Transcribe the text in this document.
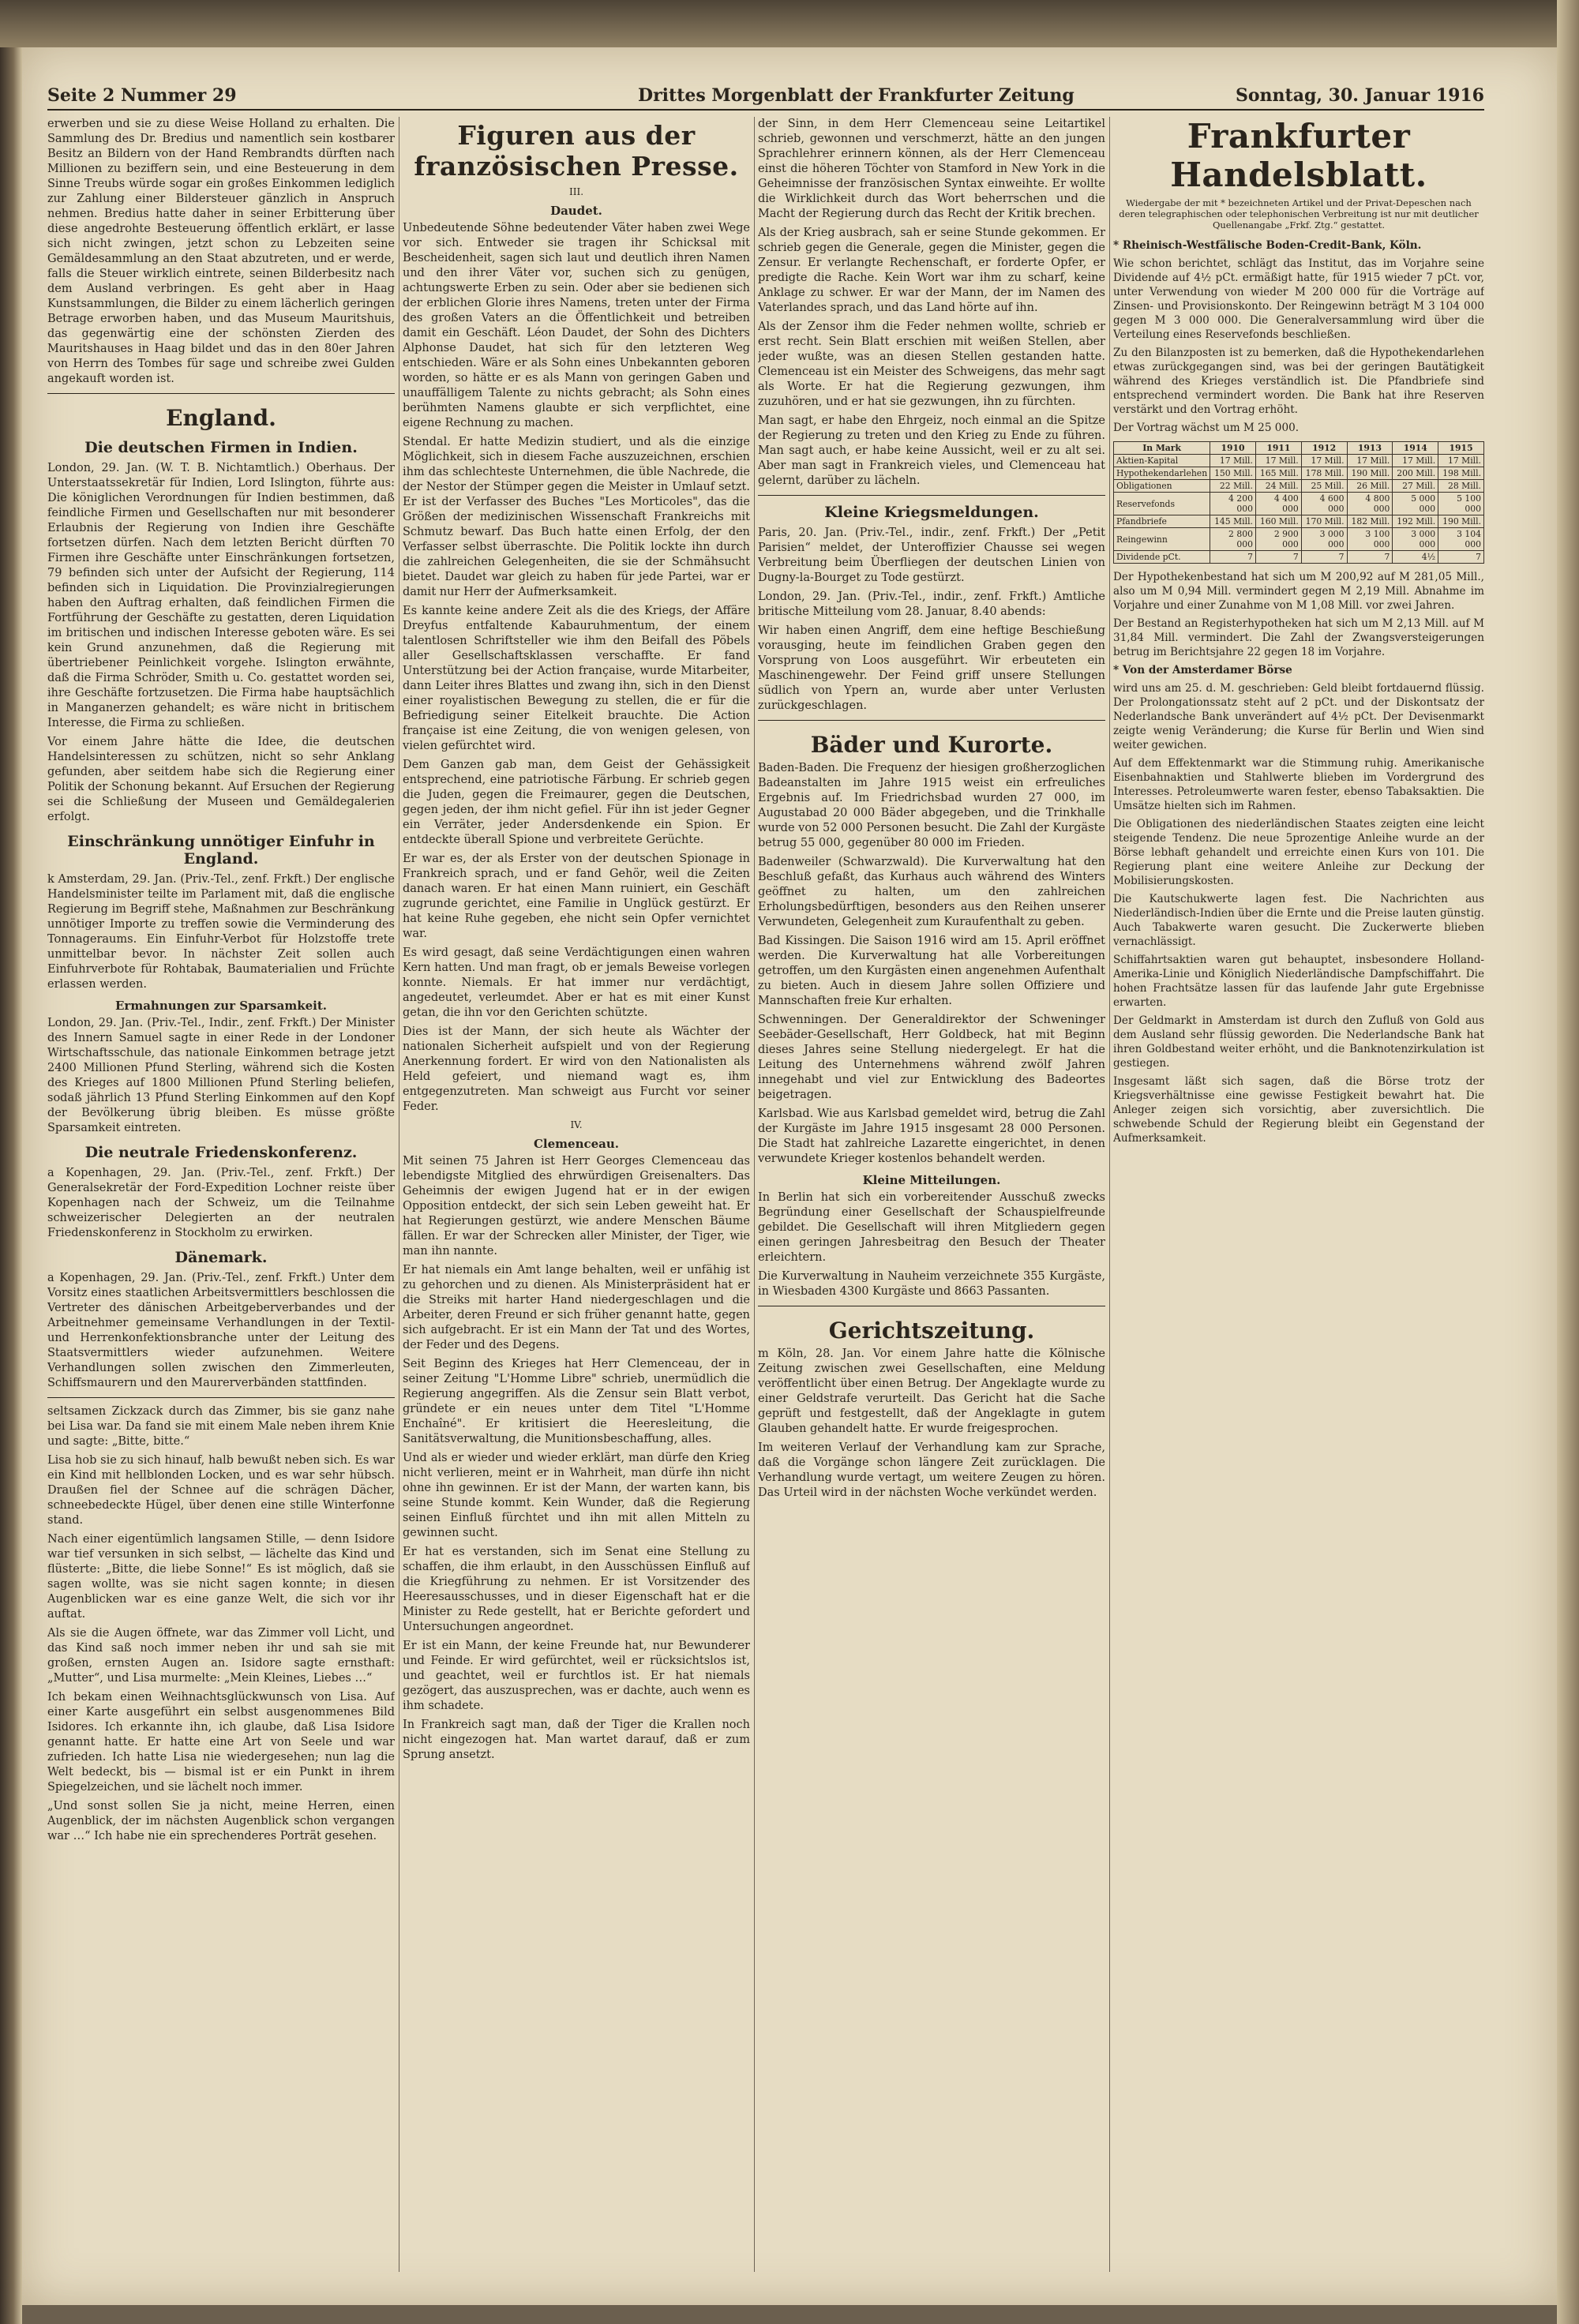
Seite 2 Nummer 29	Drittes Morgenblatt der Frankfurter Zeitung	Sonntag, 30. Januar 1916

erwerben und sie zu diese Weise Holland zu erhalten. Die Sammlung des Dr. Bredius und namentlich sein kostbarer Besitz an Bildern von der Hand Rembrandts dürften nach Millionen zu beziffern sein, und eine Besteuerung in dem Sinne Treubs würde sogar ein großes Einkommen lediglich zur Zahlung einer Bildersteuer gänzlich in Anspruch nehmen. Bredius hatte daher in seiner Erbitterung über diese angedrohte Besteuerung öffentlich erklärt, er lasse sich nicht zwingen, jetzt schon zu Lebzeiten seine Gemäldesammlung an den Staat abzutreten, und er werde, falls die Steuer wirklich eintrete, seinen Bilderbesitz nach dem Ausland verbringen. Es geht aber in Haag Kunstsammlungen, die Bilder zu einem lächerlich geringen Betrage erworben haben, und das Museum Mauritshuis, das gegenwärtig eine der schönsten Zierden des Mauritshauses in Haag bildet und das in den 80er Jahren von Herrn des Tombes für sage und schreibe zwei Gulden angekauft worden ist.

England.
Die deutschen Firmen in Indien.

London, 29. Jan. (W. T. B. Nichtamtlich.) Oberhaus. Der Unterstaatssekretär für Indien, Lord Islington, führte aus: Die königlichen Verordnungen für Indien bestimmen, daß feindliche Firmen und Gesellschaften nur mit besonderer Erlaubnis der Regierung von Indien ihre Geschäfte fortsetzen dürfen. Nach dem letzten Bericht dürften 70 Firmen ihre Geschäfte unter Einschränkungen fortsetzen, 79 befinden sich unter der Aufsicht der Regierung, 114 befinden sich in Liquidation. Die Provinzialregierungen haben den Auftrag erhalten, daß feindlichen Firmen die Fortführung der Geschäfte zu gestatten, deren Liquidation im britischen und indischen Interesse geboten wäre. Es sei kein Grund anzunehmen, daß die Regierung mit übertriebener Peinlichkeit vorgehe. Islington erwähnte, daß die Firma Schröder, Smith u. Co. gestattet worden sei, ihre Geschäfte fortzusetzen. Die Firma habe hauptsächlich in Manganerzen gehandelt; es wäre nicht in britischem Interesse, die Firma zu schließen.

Vor einem Jahre hätte die Idee, die deutschen Handelsinteressen zu schützen, nicht so sehr Anklang gefunden, aber seitdem habe sich die Regierung einer Politik der Schonung bekannt. Auf Ersuchen der Regierung sei die Schließung der Museen und Gemäldegalerien erfolgt.

Einschränkung unnötiger Einfuhr in England.

k Amsterdam, 29. Jan. (Priv.-Tel., zenf. Frkft.) Der englische Handelsminister teilte im Parlament mit, daß die englische Regierung im Begriff stehe, Maßnahmen zur Beschränkung unnötiger Importe zu treffen sowie die Verminderung des Tonnageraums. Ein Einfuhr-Verbot für Holzstoffe trete unmittelbar bevor. In nächster Zeit sollen auch Einfuhrverbote für Rohtabak, Baumaterialien und Früchte erlassen werden.

Ermahnungen zur Sparsamkeit.

London, 29. Jan. (Priv.-Tel., Indir., zenf. Frkft.) Der Minister des Innern Samuel sagte in einer Rede in der Londoner Wirtschaftsschule, das nationale Einkommen betrage jetzt 2400 Millionen Pfund Sterling, während sich die Kosten des Krieges auf 1800 Millionen Pfund Sterling beliefen, sodaß jährlich 13 Pfund Sterling Einkommen auf den Kopf der Bevölkerung übrig bleiben. Es müsse größte Sparsamkeit eintreten.

Die neutrale Friedenskonferenz.

a Kopenhagen, 29. Jan. (Priv.-Tel., zenf. Frkft.) Der Generalsekretär der Ford-Expedition Lochner reiste über Kopenhagen nach der Schweiz, um die Teilnahme schweizerischer Delegierten an der neutralen Friedenskonferenz in Stockholm zu erwirken.

Dänemark.

a Kopenhagen, 29. Jan. (Priv.-Tel., zenf. Frkft.) Unter dem Vorsitz eines staatlichen Arbeitsvermittlers beschlossen die Vertreter des dänischen Arbeitgeberverbandes und der Arbeitnehmer gemeinsame Verhandlungen in der Textil- und Herrenkonfektionsbranche unter der Leitung des Staatsvermittlers wieder aufzunehmen. Weitere Verhandlungen sollen zwischen den Zimmerleuten, Schiffsmaurern und den Maurerverbänden stattfinden.

seltsamen Zickzack durch das Zimmer, bis sie ganz nahe bei Lisa war. Da fand sie mit einem Male neben ihrem Knie und sagte: „Bitte, bitte.“

Lisa hob sie zu sich hinauf, halb bewußt neben sich. Es war ein Kind mit hellblonden Locken, und es war sehr hübsch. Draußen fiel der Schnee auf die schrägen Dächer, schneebedeckte Hügel, über denen eine stille Winterfonne stand.

Nach einer eigentümlich langsamen Stille, — denn Isidore war tief versunken in sich selbst, — lächelte das Kind und flüsterte: „Bitte, die liebe Sonne!“ Es ist möglich, daß sie sagen wollte, was sie nicht sagen konnte; in diesen Augenblicken war es eine ganze Welt, die sich vor ihr auftat.

Als sie die Augen öffnete, war das Zimmer voll Licht, und das Kind saß noch immer neben ihr und sah sie mit großen, ernsten Augen an. Isidore sagte ernsthaft: „Mutter“, und Lisa murmelte: „Mein Kleines, Liebes …“

Ich bekam einen Weihnachtsglückwunsch von Lisa. Auf einer Karte ausgeführt ein selbst ausgenommenes Bild Isidores. Ich erkannte ihn, ich glaube, daß Lisa Isidore genannt hatte. Er hatte eine Art von Seele und war zufrieden. Ich hatte Lisa nie wiedergesehen; nun lag die Welt bedeckt, bis — bismal ist er ein Punkt in ihrem Spiegelzeichen, und sie lächelt noch immer.

„Und sonst sollen Sie ja nicht, meine Herren, einen Augenblick, der im nächsten Augenblick schon vergangen war …“ Ich habe nie ein sprechenderes Porträt gesehen.

Figuren aus der französischen Presse.
III.
Daudet.

Unbedeutende Söhne bedeutender Väter haben zwei Wege vor sich. Entweder sie tragen ihr Schicksal mit Bescheidenheit, sagen sich laut und deutlich ihren Namen und den ihrer Väter vor, suchen sich zu genügen, achtungswerte Erben zu sein. Oder aber sie bedienen sich der erblichen Glorie ihres Namens, treten unter der Firma des großen Vaters an die Öffentlichkeit und betreiben damit ein Geschäft. Léon Daudet, der Sohn des Dichters Alphonse Daudet, hat sich für den letzteren Weg entschieden. Wäre er als Sohn eines Unbekannten geboren worden, so hätte er es als Mann von geringen Gaben und unauffälligem Talente zu nichts gebracht; als Sohn eines berühmten Namens glaubte er sich verpflichtet, eine eigene Rechnung zu machen.

Stendal. Er hatte Medizin studiert, und als die einzige Möglichkeit, sich in diesem Fache auszuzeichnen, erschien ihm das schlechteste Unternehmen, die üble Nachrede, die der Nestor der Stümper gegen die Meister in Umlauf setzt. Er ist der Verfasser des Buches "Les Morticoles", das die Größen der medizinischen Wissenschaft Frankreichs mit Schmutz bewarf. Das Buch hatte einen Erfolg, der den Verfasser selbst überraschte. Die Politik lockte ihn durch die zahlreichen Gelegenheiten, die sie der Schmähsucht bietet. Daudet war gleich zu haben für jede Partei, war er damit nur Herr der Aufmerksamkeit.

Es kannte keine andere Zeit als die des Kriegs, der Affäre Dreyfus entfaltende Kabauruhmentum, der einem talentlosen Schriftsteller wie ihm den Beifall des Pöbels aller Gesellschaftsklassen verschaffte. Er fand Unterstützung bei der Action française, wurde Mitarbeiter, dann Leiter ihres Blattes und zwang ihn, sich in den Dienst einer royalistischen Bewegung zu stellen, die er für die Befriedigung seiner Eitelkeit brauchte. Die Action française ist eine Zeitung, die von wenigen gelesen, von vielen gefürchtet wird.

Dem Ganzen gab man, dem Geist der Gehässigkeit entsprechend, eine patriotische Färbung. Er schrieb gegen die Juden, gegen die Freimaurer, gegen die Deutschen, gegen jeden, der ihm nicht gefiel. Für ihn ist jeder Gegner ein Verräter, jeder Andersdenkende ein Spion. Er entdeckte überall Spione und verbreitete Gerüchte.

Er war es, der als Erster von der deutschen Spionage in Frankreich sprach, und er fand Gehör, weil die Zeiten danach waren. Er hat einen Mann ruiniert, ein Geschäft zugrunde gerichtet, eine Familie in Unglück gestürzt. Er hat keine Ruhe gegeben, ehe nicht sein Opfer vernichtet war.

Es wird gesagt, daß seine Verdächtigungen einen wahren Kern hatten. Und man fragt, ob er jemals Beweise vorlegen konnte. Niemals. Er hat immer nur verdächtigt, angedeutet, verleumdet. Aber er hat es mit einer Kunst getan, die ihn vor den Gerichten schützte.

Dies ist der Mann, der sich heute als Wächter der nationalen Sicherheit aufspielt und von der Regierung Anerkennung fordert. Er wird von den Nationalisten als Held gefeiert, und niemand wagt es, ihm entgegenzutreten. Man schweigt aus Furcht vor seiner Feder.

IV.
Clemenceau.

Mit seinen 75 Jahren ist Herr Georges Clemenceau das lebendigste Mitglied des ehrwürdigen Greisenalters. Das Geheimnis der ewigen Jugend hat er in der ewigen Opposition entdeckt, der sich sein Leben geweiht hat. Er hat Regierungen gestürzt, wie andere Menschen Bäume fällen. Er war der Schrecken aller Minister, der Tiger, wie man ihn nannte.

Er hat niemals ein Amt lange behalten, weil er unfähig ist zu gehorchen und zu dienen. Als Ministerpräsident hat er die Streiks mit harter Hand niedergeschlagen und die Arbeiter, deren Freund er sich früher genannt hatte, gegen sich aufgebracht. Er ist ein Mann der Tat und des Wortes, der Feder und des Degens.

Seit Beginn des Krieges hat Herr Clemenceau, der in seiner Zeitung "L'Homme Libre" schrieb, unermüdlich die Regierung angegriffen. Als die Zensur sein Blatt verbot, gründete er ein neues unter dem Titel "L'Homme Enchaîné". Er kritisiert die Heeresleitung, die Sanitätsverwaltung, die Munitionsbeschaffung, alles.

Und als er wieder und wieder erklärt, man dürfe den Krieg nicht verlieren, meint er in Wahrheit, man dürfe ihn nicht ohne ihn gewinnen. Er ist der Mann, der warten kann, bis seine Stunde kommt. Kein Wunder, daß die Regierung seinen Einfluß fürchtet und ihn mit allen Mitteln zu gewinnen sucht.

Er hat es verstanden, sich im Senat eine Stellung zu schaffen, die ihm erlaubt, in den Ausschüssen Einfluß auf die Kriegführung zu nehmen. Er ist Vorsitzender des Heeresausschusses, und in dieser Eigenschaft hat er die Minister zu Rede gestellt, hat er Berichte gefordert und Untersuchungen angeordnet.

Er ist ein Mann, der keine Freunde hat, nur Bewunderer und Feinde. Er wird gefürchtet, weil er rücksichtslos ist, und geachtet, weil er furchtlos ist. Er hat niemals gezögert, das auszusprechen, was er dachte, auch wenn es ihm schadete.

In Frankreich sagt man, daß der Tiger die Krallen noch nicht eingezogen hat. Man wartet darauf, daß er zum Sprung ansetzt.

der Sinn, in dem Herr Clemenceau seine Leitartikel schrieb, gewonnen und verschmerzt, hätte an den jungen Sprachlehrer erinnern können, als der Herr Clemenceau einst die höheren Töchter von Stamford in New York in die Geheimnisse der französischen Syntax einweihte. Er wollte die Wirklichkeit durch das Wort beherrschen und die Macht der Regierung durch das Recht der Kritik brechen.

Als der Krieg ausbrach, sah er seine Stunde gekommen. Er schrieb gegen die Generale, gegen die Minister, gegen die Zensur. Er verlangte Rechenschaft, er forderte Opfer, er predigte die Rache. Kein Wort war ihm zu scharf, keine Anklage zu schwer. Er war der Mann, der im Namen des Vaterlandes sprach, und das Land hörte auf ihn.

Als der Zensor ihm die Feder nehmen wollte, schrieb er erst recht. Sein Blatt erschien mit weißen Stellen, aber jeder wußte, was an diesen Stellen gestanden hatte. Clemenceau ist ein Meister des Schweigens, das mehr sagt als Worte. Er hat die Regierung gezwungen, ihm zuzuhören, und er hat sie gezwungen, ihn zu fürchten.

Man sagt, er habe den Ehrgeiz, noch einmal an die Spitze der Regierung zu treten und den Krieg zu Ende zu führen. Man sagt auch, er habe keine Aussicht, weil er zu alt sei. Aber man sagt in Frankreich vieles, und Clemenceau hat gelernt, darüber zu lächeln.

Kleine Kriegsmeldungen.

Paris, 20. Jan. (Priv.-Tel., indir., zenf. Frkft.) Der „Petit Parisien“ meldet, der Unteroffizier Chausse sei wegen Verbreitung beim Überfliegen der deutschen Linien von Dugny-la-Bourget zu Tode gestürzt.

London, 29. Jan. (Priv.-Tel., indir., zenf. Frkft.) Amtliche britische Mitteilung vom 28. Januar, 8.40 abends:

Wir haben einen Angriff, dem eine heftige Beschießung vorausging, heute im feindlichen Graben gegen den Vorsprung von Loos ausgeführt. Wir erbeuteten ein Maschinengewehr. Der Feind griff unsere Stellungen südlich von Ypern an, wurde aber unter Verlusten zurückgeschlagen.

Bäder und Kurorte.

Baden-Baden. Die Frequenz der hiesigen großherzoglichen Badeanstalten im Jahre 1915 weist ein erfreuliches Ergebnis auf. Im Friedrichsbad wurden 27 000, im Augustabad 20 000 Bäder abgegeben, und die Trinkhalle wurde von 52 000 Personen besucht. Die Zahl der Kurgäste betrug 55 000, gegenüber 80 000 im Frieden.

Badenweiler (Schwarzwald). Die Kurverwaltung hat den Beschluß gefaßt, das Kurhaus auch während des Winters geöffnet zu halten, um den zahlreichen Erholungsbedürftigen, besonders aus den Reihen unserer Verwundeten, Gelegenheit zum Kuraufenthalt zu geben.

Bad Kissingen. Die Saison 1916 wird am 15. April eröffnet werden. Die Kurverwaltung hat alle Vorbereitungen getroffen, um den Kurgästen einen angenehmen Aufenthalt zu bieten. Auch in diesem Jahre sollen Offiziere und Mannschaften freie Kur erhalten.

Schwenningen. Der Generaldirektor der Schweninger Seebäder-Gesellschaft, Herr Goldbeck, hat mit Beginn dieses Jahres seine Stellung niedergelegt. Er hat die Leitung des Unternehmens während zwölf Jahren innegehabt und viel zur Entwicklung des Badeortes beigetragen.

Karlsbad. Wie aus Karlsbad gemeldet wird, betrug die Zahl der Kurgäste im Jahre 1915 insgesamt 28 000 Personen. Die Stadt hat zahlreiche Lazarette eingerichtet, in denen verwundete Krieger kostenlos behandelt werden.

Kleine Mitteilungen.

In Berlin hat sich ein vorbereitender Ausschuß zwecks Begründung einer Gesellschaft der Schauspielfreunde gebildet. Die Gesellschaft will ihren Mitgliedern gegen einen geringen Jahresbeitrag den Besuch der Theater erleichtern.

Die Kurverwaltung in Nauheim verzeichnete 355 Kurgäste, in Wiesbaden 4300 Kurgäste und 8663 Passanten.

Gerichtszeitung.

m Köln, 28. Jan. Vor einem Jahre hatte die Kölnische Zeitung zwischen zwei Gesellschaften, eine Meldung veröffentlicht über einen Betrug. Der Angeklagte wurde zu einer Geldstrafe verurteilt. Das Gericht hat die Sache geprüft und festgestellt, daß der Angeklagte in gutem Glauben gehandelt hatte. Er wurde freigesprochen.

Im weiteren Verlauf der Verhandlung kam zur Sprache, daß die Vorgänge schon längere Zeit zurücklagen. Die Verhandlung wurde vertagt, um weitere Zeugen zu hören. Das Urteil wird in der nächsten Woche verkündet werden.

Frankfurter Handelsblatt.
Wiedergabe der mit * bezeichneten Artikel und der Privat-Depeschen nach deren telegraphischen oder telephonischen Verbreitung ist nur mit deutlicher Quellenangabe „Frkf. Ztg.“ gestattet.

* Rheinisch-Westfälische Boden-Credit-Bank, Köln.

Wie schon berichtet, schlägt das Institut, das im Vorjahre seine Dividende auf 4½ pCt. ermäßigt hatte, für 1915 wieder 7 pCt. vor, unter Verwendung von wieder M 200 000 für die Vorträge auf Zinsen- und Provisionskonto. Der Reingewinn beträgt M 3 104 000 gegen M 3 000 000. Die Generalversammlung wird über die Verteilung eines Reservefonds beschließen.

Zu den Bilanzposten ist zu bemerken, daß die Hypothekendarlehen etwas zurückgegangen sind, was bei der geringen Bautätigkeit während des Krieges verständlich ist. Die Pfandbriefe sind entsprechend vermindert worden. Die Bank hat ihre Reserven verstärkt und den Vortrag erhöht.

Der Vortrag wächst um M 25 000.

In Mark	1910	1911	1912	1913	1914	1915
Aktien-Kapital	17 Mill.	17 Mill.	17 Mill.	17 Mill.	17 Mill.	17 Mill.
Hypothekendarlehen	150 Mill.	165 Mill.	178 Mill.	190 Mill.	200 Mill.	198 Mill.
Obligationen	22 Mill.	24 Mill.	25 Mill.	26 Mill.	27 Mill.	28 Mill.
Reservefonds	4 200 000	4 400 000	4 600 000	4 800 000	5 000 000	5 100 000
Pfandbriefe	145 Mill.	160 Mill.	170 Mill.	182 Mill.	192 Mill.	190 Mill.
Reingewinn	2 800 000	2 900 000	3 000 000	3 100 000	3 000 000	3 104 000
Dividende pCt.	7	7	7	7	4½	7

Der Hypothekenbestand hat sich um M 200,92 auf M 281,05 Mill., also um M 0,94 Mill. vermindert gegen M 2,19 Mill. Abnahme im Vorjahre und einer Zunahme von M 1,08 Mill. vor zwei Jahren.

Der Bestand an Registerhypotheken hat sich um M 2,13 Mill. auf M 31,84 Mill. vermindert. Die Zahl der Zwangsversteigerungen betrug im Berichtsjahre 22 gegen 18 im Vorjahre.

* Von der Amsterdamer Börse

wird uns am 25. d. M. geschrieben: Geld bleibt fortdauernd flüssig. Der Prolongationssatz steht auf 2 pCt. und der Diskontsatz der Nederlandsche Bank unverändert auf 4½ pCt. Der Devisenmarkt zeigte wenig Veränderung; die Kurse für Berlin und Wien sind weiter gewichen.

Auf dem Effektenmarkt war die Stimmung ruhig. Amerikanische Eisenbahnaktien und Stahlwerte blieben im Vordergrund des Interesses. Petroleumwerte waren fester, ebenso Tabaksaktien. Die Umsätze hielten sich im Rahmen.

Die Obligationen des niederländischen Staates zeigten eine leicht steigende Tendenz. Die neue 5prozentige Anleihe wurde an der Börse lebhaft gehandelt und erreichte einen Kurs von 101. Die Regierung plant eine weitere Anleihe zur Deckung der Mobilisierungskosten.

Die Kautschukwerte lagen fest. Die Nachrichten aus Niederländisch-Indien über die Ernte und die Preise lauten günstig. Auch Tabakwerte waren gesucht. Die Zuckerwerte blieben vernachlässigt.

Schiffahrtsaktien waren gut behauptet, insbesondere Holland-Amerika-Linie und Königlich Niederländische Dampfschiffahrt. Die hohen Frachtsätze lassen für das laufende Jahr gute Ergebnisse erwarten.

Der Geldmarkt in Amsterdam ist durch den Zufluß von Gold aus dem Ausland sehr flüssig geworden. Die Nederlandsche Bank hat ihren Goldbestand weiter erhöht, und die Banknotenzirkulation ist gestiegen.

Insgesamt läßt sich sagen, daß die Börse trotz der Kriegsverhältnisse eine gewisse Festigkeit bewahrt hat. Die Anleger zeigen sich vorsichtig, aber zuversichtlich. Die schwebende Schuld der Regierung bleibt ein Gegenstand der Aufmerksamkeit.
